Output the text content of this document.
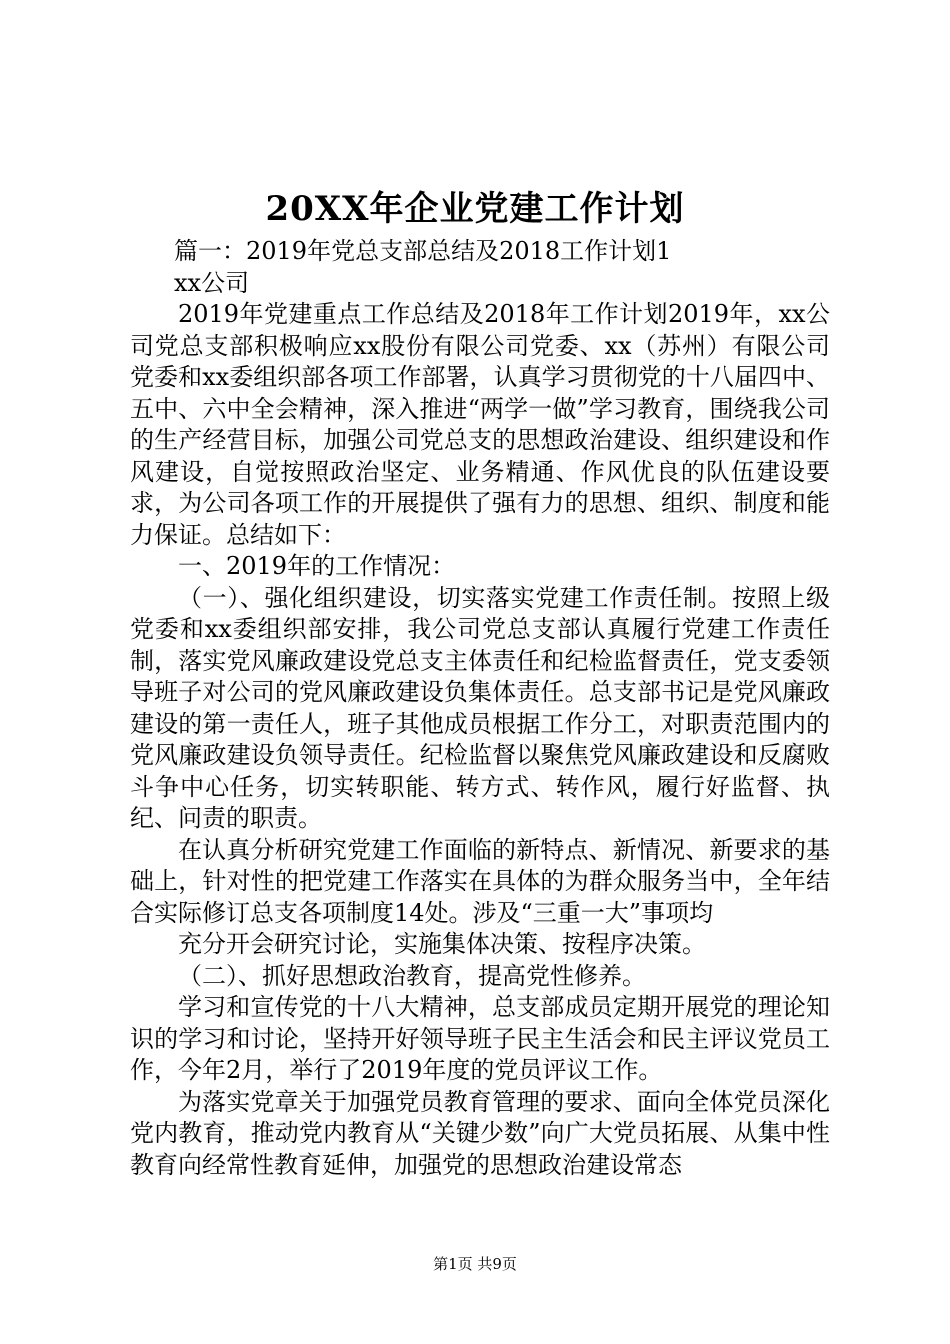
20XX年企业党建工作计划

篇一：2019年党总支部总结及2018工作计划1

xx公司

2019年党建重点工作总结及2018年工作计划2019年，xx公司党总支部积极响应xx股份有限公司党委、xx（苏州）有限公司党委和xx委组织部各项工作部署，认真学习贯彻党的十八届四中、五中、六中全会精神，深入推进“两学一做”学习教育，围绕我公司的生产经营目标，加强公司党总支的思想政治建设、组织建设和作风建设，自觉按照政治坚定、业务精通、作风优良的队伍建设要求，为公司各项工作的开展提供了强有力的思想、组织、制度和能力保证。总结如下：

一、2019年的工作情况：

（一）、强化组织建设，切实落实党建工作责任制。按照上级党委和xx委组织部安排，我公司党总支部认真履行党建工作责任制，落实党风廉政建设党总支主体责任和纪检监督责任，党支委领导班子对公司的党风廉政建设负集体责任。总支部书记是党风廉政建设的第一责任人，班子其他成员根据工作分工，对职责范围内的党风廉政建设负领导责任。纪检监督以聚焦党风廉政建设和反腐败斗争中心任务，切实转职能、转方式、转作风，履行好监督、执纪、问责的职责。

在认真分析研究党建工作面临的新特点、新情况、新要求的基础上，针对性的把党建工作落实在具体的为群众服务当中，全年结合实际修订总支各项制度14处。涉及“三重一大”事项均

充分开会研究讨论，实施集体决策、按程序决策。

（二）、抓好思想政治教育，提高党性修养。

学习和宣传党的十八大精神，总支部成员定期开展党的理论知识的学习和讨论，坚持开好领导班子民主生活会和民主评议党员工作，今年2月，举行了2019年度的党员评议工作。

为落实党章关于加强党员教育管理的要求、面向全体党员深化党内教育，推动党内教育从“关键少数”向广大党员拓展、从集中性教育向经常性教育延伸，加强党的思想政治建设常态

第1页 共9页
